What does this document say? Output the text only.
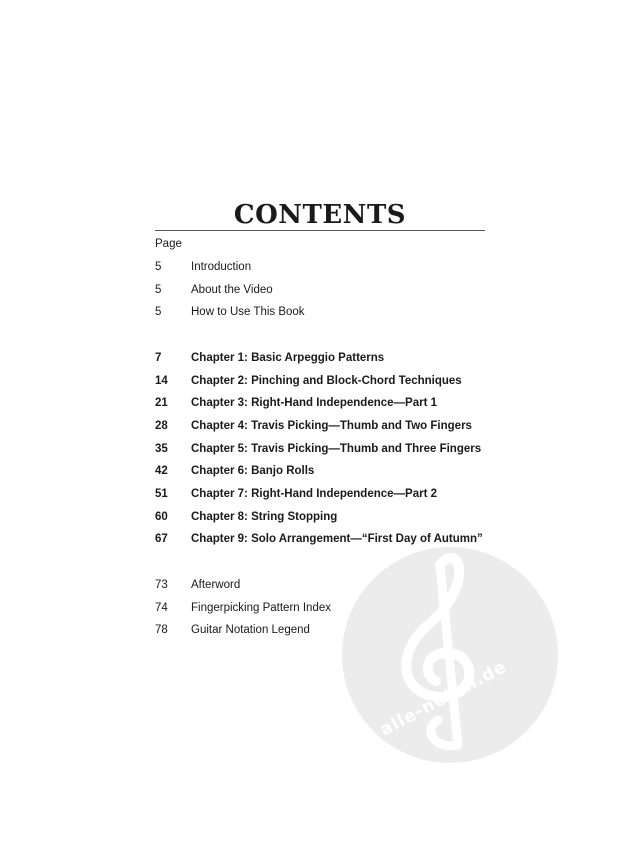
CONTENTS
Page
5	Introduction
5	About the Video
5	How to Use This Book
7	Chapter 1: Basic Arpeggio Patterns
14	Chapter 2: Pinching and Block-Chord Techniques
21	Chapter 3: Right-Hand Independence—Part 1
28	Chapter 4: Travis Picking—Thumb and Two Fingers
35	Chapter 5: Travis Picking—Thumb and Three Fingers
42	Chapter 6: Banjo Rolls
51	Chapter 7: Right-Hand Independence—Part 2
60	Chapter 8: String Stopping
67	Chapter 9: Solo Arrangement—“First Day of Autumn”
73	Afterword
74	Fingerpicking Pattern Index
78	Guitar Notation Legend
alle-noten.de
